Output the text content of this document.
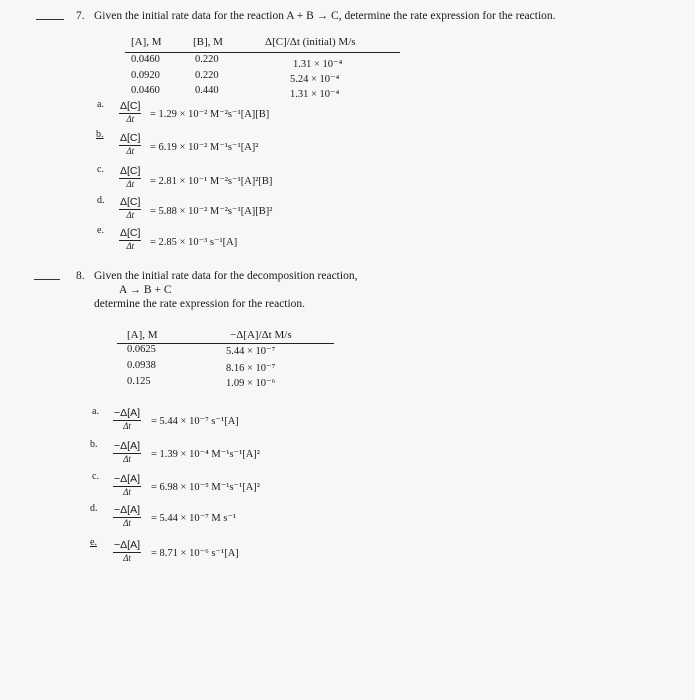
7. Given the initial rate data for the reaction A + B → C, determine the rate expression for the reaction.
[A], M	[B], M	Δ[C]/Δt (initial) M/s
0.0460	0.220	1.31 × 10⁻⁴
0.0920	0.220	5.24 × 10⁻⁴
0.0460	0.440	1.31 × 10⁻⁴
a. $\frac{\Delta[C]}{\Delta t} = 1.29 \times 10^{-2}$ M⁻²s⁻¹[A][B]
b. $\frac{\Delta[C]}{\Delta t} = 6.19 \times 10^{-2}$ M⁻¹s⁻¹[A]²
c. $\frac{\Delta[C]}{\Delta t} = 2.81 \times 10^{-1}$ M⁻²s⁻¹[A]²[B]
d. $\frac{\Delta[C]}{\Delta t} = 5.88 \times 10^{-2}$ M⁻²s⁻¹[A][B]²
e. $\frac{\Delta[C]}{\Delta t} = 2.85 \times 10^{-3}$ s⁻¹[A]
8. Given the initial rate data for the decomposition reaction,
A → B + C
determine the rate expression for the reaction.
[A], M	−Δ[A]/Δt M/s
0.0625	5.44 × 10⁻⁷
0.0938	8.16 × 10⁻⁷
0.125	1.09 × 10⁻⁶
a. $\frac{-\Delta[A]}{\Delta t} = 5.44 \times 10^{-7}$ s⁻¹[A]
b. $\frac{-\Delta[A]}{\Delta t} = 1.39 \times 10^{-4}$ M⁻¹s⁻¹[A]²
c. $\frac{-\Delta[A]}{\Delta t} = 6.98 \times 10^{-5}$ M⁻¹s⁻¹[A]²
d. $\frac{-\Delta[A]}{\Delta t} = 5.44 \times 10^{-7}$ M s⁻¹
e. $\frac{-\Delta[A]}{\Delta t} = 8.71 \times 10^{-6}$ s⁻¹[A]
